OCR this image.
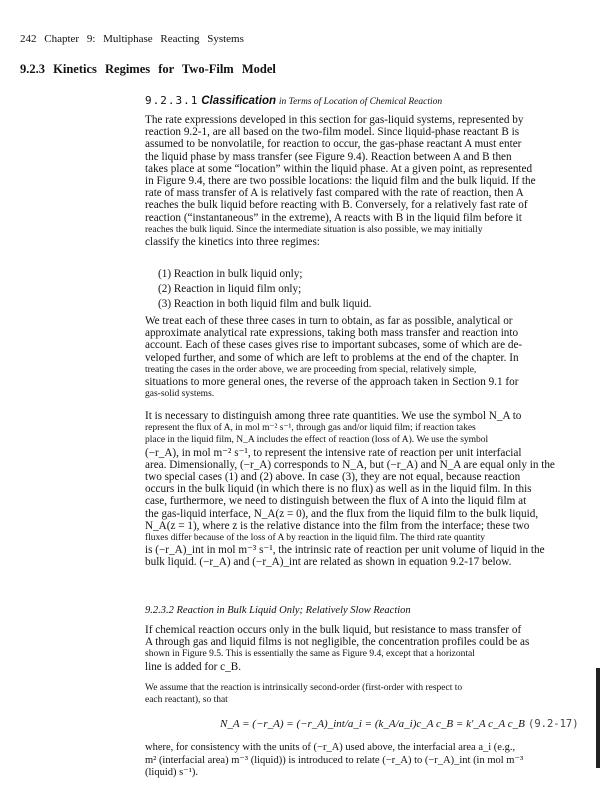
242 Chapter 9: Multiphase Reacting Systems
9.2.3 Kinetics Regimes for Two-Film Model
9.2.3.1 Classification in Terms of Location of Chemical Reaction

The rate expressions developed in this section for gas-liquid systems, represented by

reaction 9.2-1, are all based on the two-film model. Since liquid-phase reactant B is

assumed to be nonvolatile, for reaction to occur, the gas-phase reactant A must enter

the liquid phase by mass transfer (see Figure 9.4). Reaction between A and B then

takes place at some “location” within the liquid phase. At a given point, as represented

in Figure 9.4, there are two possible locations: the liquid film and the bulk liquid. If the

rate of mass transfer of A is relatively fast compared with the rate of reaction, then A

reaches the bulk liquid before reacting with B. Conversely, for a relatively fast rate of

reaction (“instantaneous” in the extreme), A reacts with B in the liquid film before it

reaches the bulk liquid. Since the intermediate situation is also possible, we may initially

classify the kinetics into three regimes:

(1) Reaction in bulk liquid only;
(2) Reaction in liquid film only;
(3) Reaction in both liquid film and bulk liquid.

We treat each of these three cases in turn to obtain, as far as possible, analytical or

approximate analytical rate expressions, taking both mass transfer and reaction into

account. Each of these cases gives rise to important subcases, some of which are de-

veloped further, and some of which are left to problems at the end of the chapter. In

treating the cases in the order above, we are proceeding from special, relatively simple,

situations to more general ones, the reverse of the approach taken in Section 9.1 for

gas-solid systems.

It is necessary to distinguish among three rate quantities. We use the symbol N_A to

represent the flux of A, in mol m⁻² s⁻¹, through gas and/or liquid film; if reaction takes

place in the liquid film, N_A includes the effect of reaction (loss of A). We use the symbol

(−r_A), in mol m⁻² s⁻¹, to represent the intensive rate of reaction per unit interfacial

area. Dimensionally, (−r_A) corresponds to N_A, but (−r_A) and N_A are equal only in the

two special cases (1) and (2) above. In case (3), they are not equal, because reaction

occurs in the bulk liquid (in which there is no flux) as well as in the liquid film. In this

case, furthermore, we need to distinguish between the flux of A into the liquid film at

the gas-liquid interface, N_A(z = 0), and the flux from the liquid film to the bulk liquid,

N_A(z = 1), where z is the relative distance into the film from the interface; these two

fluxes differ because of the loss of A by reaction in the liquid film. The third rate quantity

is (−r_A)_int in mol m⁻³ s⁻¹, the intrinsic rate of reaction per unit volume of liquid in the

bulk liquid. (−r_A) and (−r_A)_int are related as shown in equation 9.2-17 below.

9.2.3.2 Reaction in Bulk Liquid Only; Relatively Slow Reaction

If chemical reaction occurs only in the bulk liquid, but resistance to mass transfer of

A through gas and liquid films is not negligible, the concentration profiles could be as

shown in Figure 9.5. This is essentially the same as Figure 9.4, except that a horizontal

line is added for c_B.

We assume that the reaction is intrinsically second-order (first-order with respect to

each reactant), so that

N_A = (−r_A) = (−r_A)_int/a_i = (k_A/a_i)c_A c_B = k′_A c_A c_B (9.2-17)
where, for consistency with the units of (−r_A) used above, the interfacial area a_i (e.g.,
m² (interfacial area) m⁻³ (liquid)) is introduced to relate (−r_A) to (−r_A)_int (in mol m⁻³
(liquid) s⁻¹).
